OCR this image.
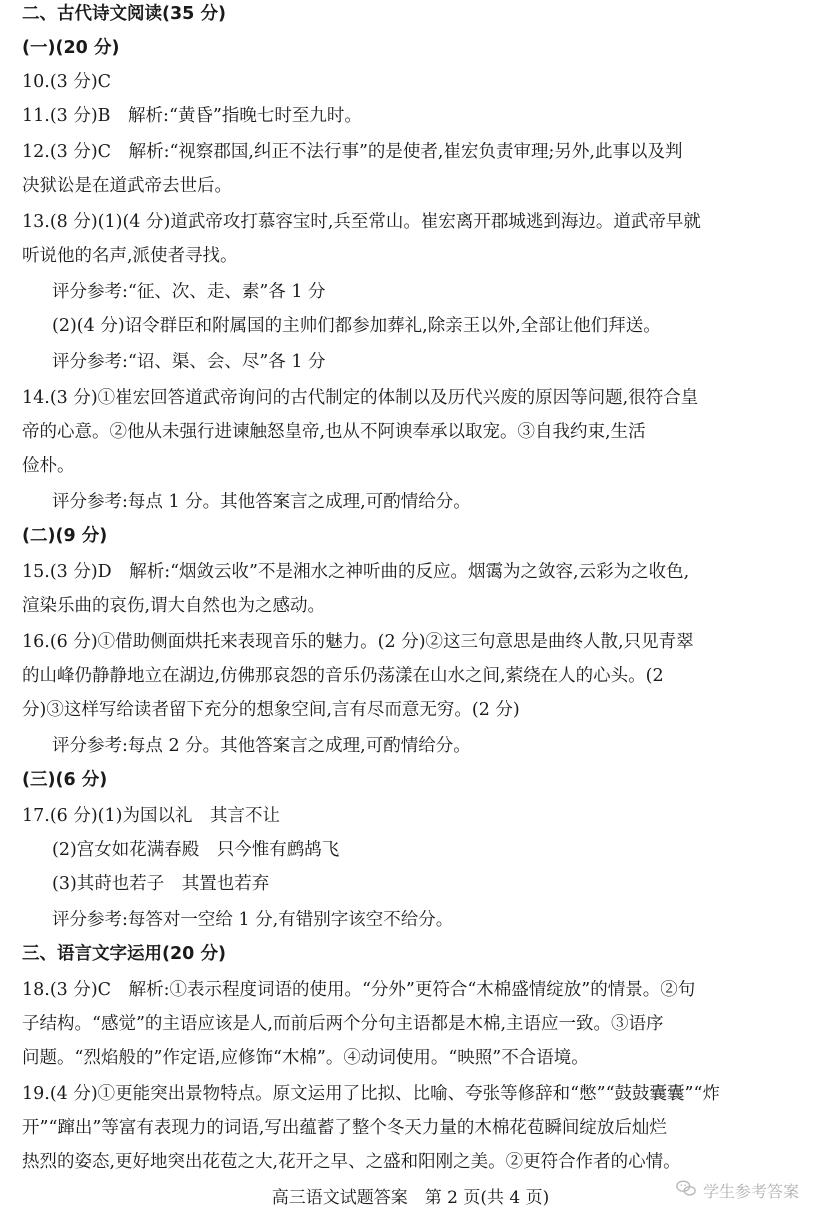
二、古代诗文阅读(35 分)
(一)(20 分)
10.(3 分)C
11.(3 分)B　解析:“黄昏”指晚七时至九时。
12.(3 分)C　解析:“视察郡国,纠正不法行事”的是使者,崔宏负责审理;另外,此事以及判
决狱讼是在道武帝去世后。
13.(8 分)(1)(4 分)道武帝攻打慕容宝时,兵至常山。崔宏离开郡城逃到海边。道武帝早就
听说他的名声,派使者寻找。
评分参考:“征、次、走、素”各 1 分
(2)(4 分)诏令群臣和附属国的主帅们都参加葬礼,除亲王以外,全部让他们拜送。
评分参考:“诏、渠、会、尽”各 1 分
14.(3 分)①崔宏回答道武帝询问的古代制定的体制以及历代兴废的原因等问题,很符合皇
帝的心意。②他从未强行进谏触怒皇帝,也从不阿谀奉承以取宠。③自我约束,生活
俭朴。
评分参考:每点 1 分。其他答案言之成理,可酌情给分。
(二)(9 分)
15.(3 分)D　解析:“烟敛云收”不是湘水之神听曲的反应。烟霭为之敛容,云彩为之收色,
渲染乐曲的哀伤,谓大自然也为之感动。
16.(6 分)①借助侧面烘托来表现音乐的魅力。(2 分)②这三句意思是曲终人散,只见青翠
的山峰仍静静地立在湖边,仿佛那哀怨的音乐仍荡漾在山水之间,萦绕在人的心头。(2
分)③这样写给读者留下充分的想象空间,言有尽而意无穷。(2 分)
评分参考:每点 2 分。其他答案言之成理,可酌情给分。
(三)(6 分)
17.(6 分)(1)为国以礼　其言不让
(2)宫女如花满春殿　只今惟有鹧鸪飞
(3)其莳也若子　其置也若弃
评分参考:每答对一空给 1 分,有错别字该空不给分。
三、语言文字运用(20 分)
18.(3 分)C　解析:①表示程度词语的使用。“分外”更符合“木棉盛情绽放”的情景。②句
子结构。“感觉”的主语应该是人,而前后两个分句主语都是木棉,主语应一致。③语序
问题。“烈焰般的”作定语,应修饰“木棉”。④动词使用。“映照”不合语境。
19.(4 分)①更能突出景物特点。原文运用了比拟、比喻、夸张等修辞和“憋”“鼓鼓囊囊”“炸
开”“蹿出”等富有表现力的词语,写出蕴蓄了整个冬天力量的木棉花苞瞬间绽放后灿烂
热烈的姿态,更好地突出花苞之大,花开之早、之盛和阳刚之美。②更符合作者的心情。
高三语文试题答案　第 2 页(共 4 页)	学生参考答案
